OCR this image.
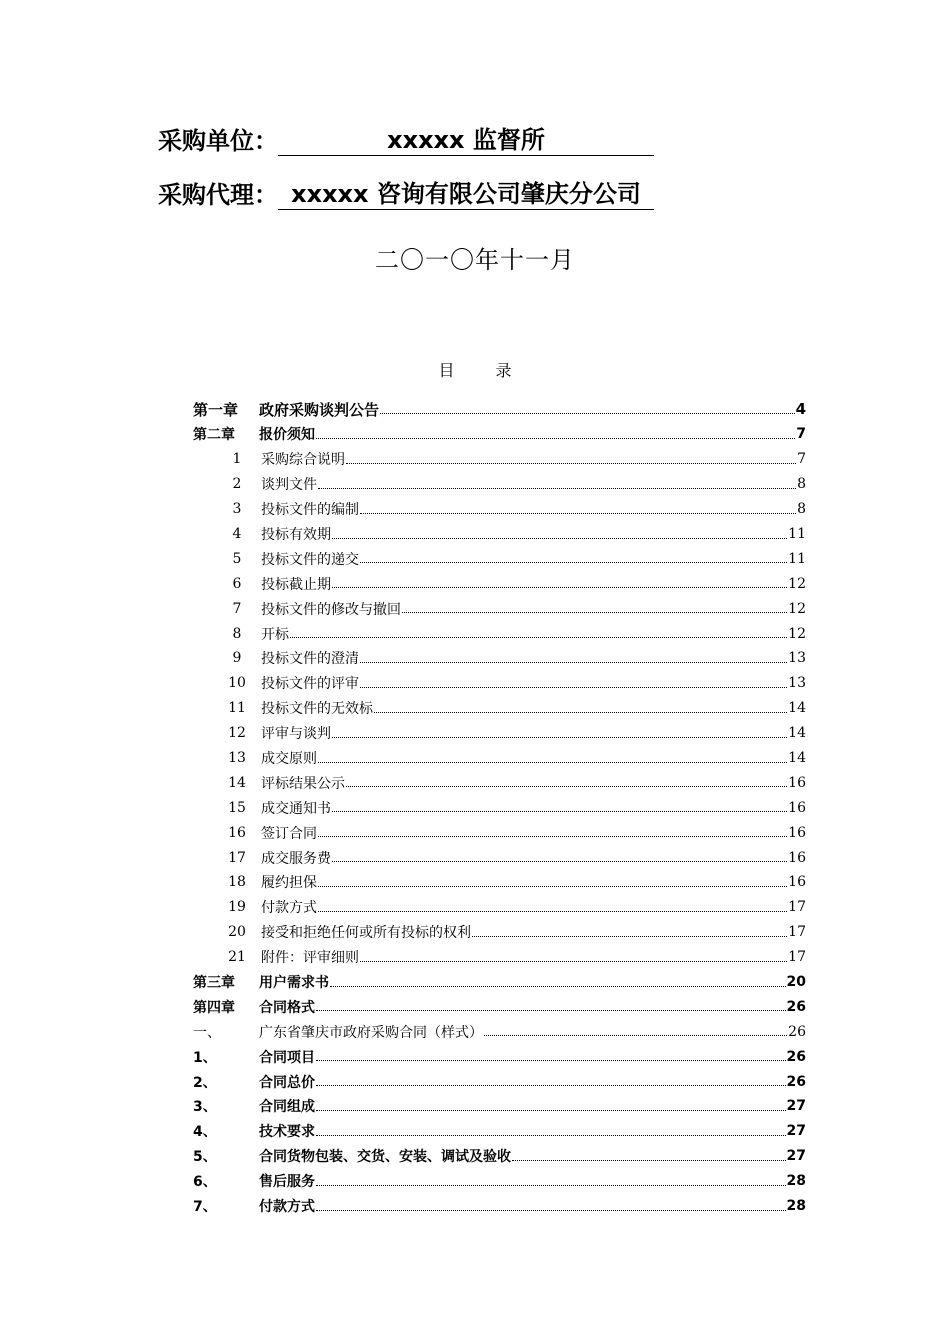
采购单位：	xxxxx 监督所
采购代理： xxxxx 咨询有限公司肇庆分公司
二〇一〇年十一月
目 录
第一章	政府采购谈判公告	4
第二章	报价须知	7
1	采购综合说明	7
2	谈判文件	8
3	投标文件的编制	8
4	投标有效期	11
5	投标文件的递交	11
6	投标截止期	12
7	投标文件的修改与撤回	12
8	开标	12
9	投标文件的澄清	13
10	投标文件的评审	13
11	投标文件的无效标	14
12	评审与谈判	14
13	成交原则	14
14	评标结果公示	16
15	成交通知书	16
16	签订合同	16
17	成交服务费	16
18	履约担保	16
19	付款方式	17
20	接受和拒绝任何或所有投标的权利	17
21	附件：评审细则	17
第三章	用户需求书	20
第四章	合同格式	26
一、	广东省肇庆市政府采购合同（样式）	26
1、	合同项目	26
2、	合同总价	26
3、	合同组成	27
4、	技术要求	27
5、	合同货物包装、交货、安装、调试及验收	27
6、	售后服务	28
7、	付款方式	28
